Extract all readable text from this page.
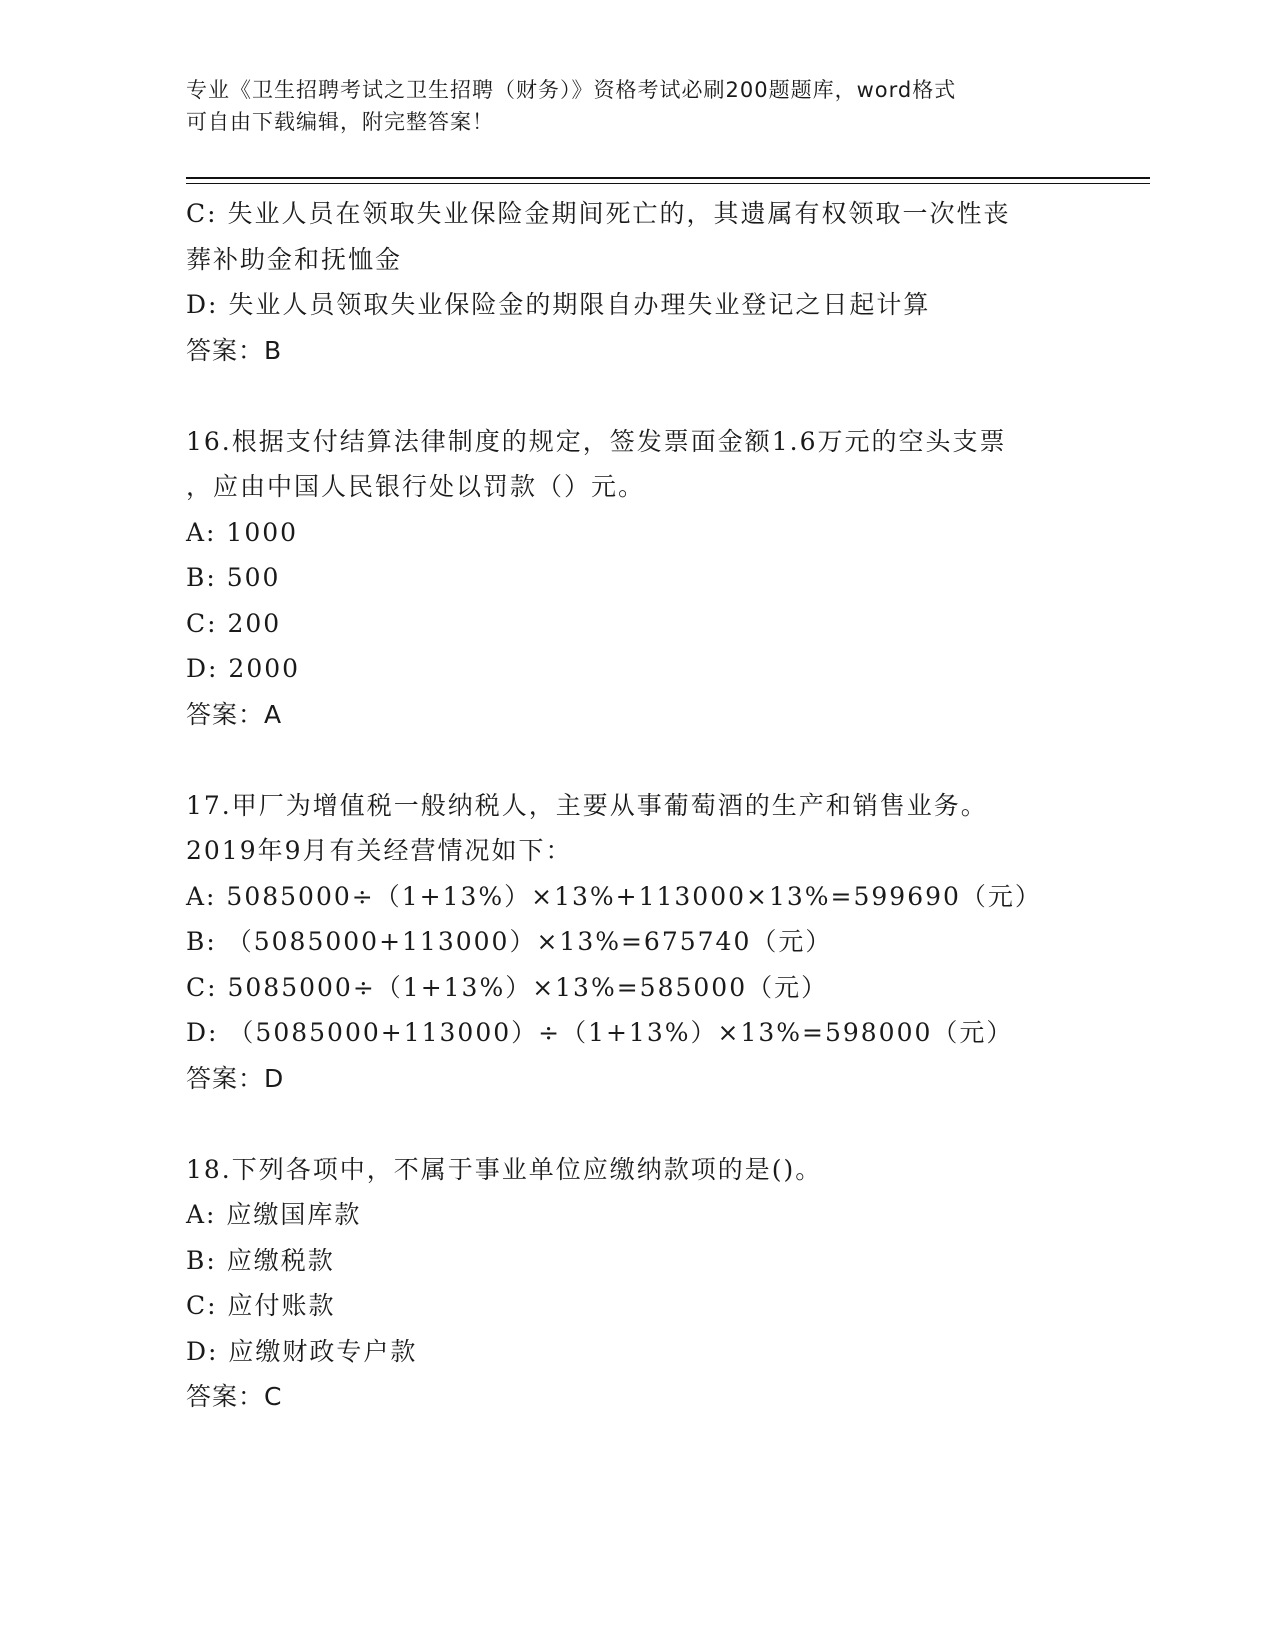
专业《卫生招聘考试之卫生招聘（财务）》资格考试必刷200题题库，word格式
可自由下载编辑，附完整答案！
C: 失业人员在领取失业保险金期间死亡的，其遗属有权领取一次性丧
葬补助金和抚恤金
D: 失业人员领取失业保险金的期限自办理失业登记之日起计算
答案：B
16.根据支付结算法律制度的规定，签发票面金额1.6万元的空头支票
，应由中国人民银行处以罚款（）元。
A: 1000
B: 500
C: 200
D: 2000
答案：A
17.甲厂为增值税一般纳税人，主要从事葡萄酒的生产和销售业务。
2019年9月有关经营情况如下：
A: 5085000÷（1+13%）×13%+113000×13%=599690（元）
B: （5085000+113000）×13%=675740（元）
C: 5085000÷（1+13%）×13%=585000（元）
D: （5085000+113000）÷（1+13%）×13%=598000（元）
答案：D
18.下列各项中，不属于事业单位应缴纳款项的是()。
A: 应缴国库款
B: 应缴税款
C: 应付账款
D: 应缴财政专户款
答案：C
